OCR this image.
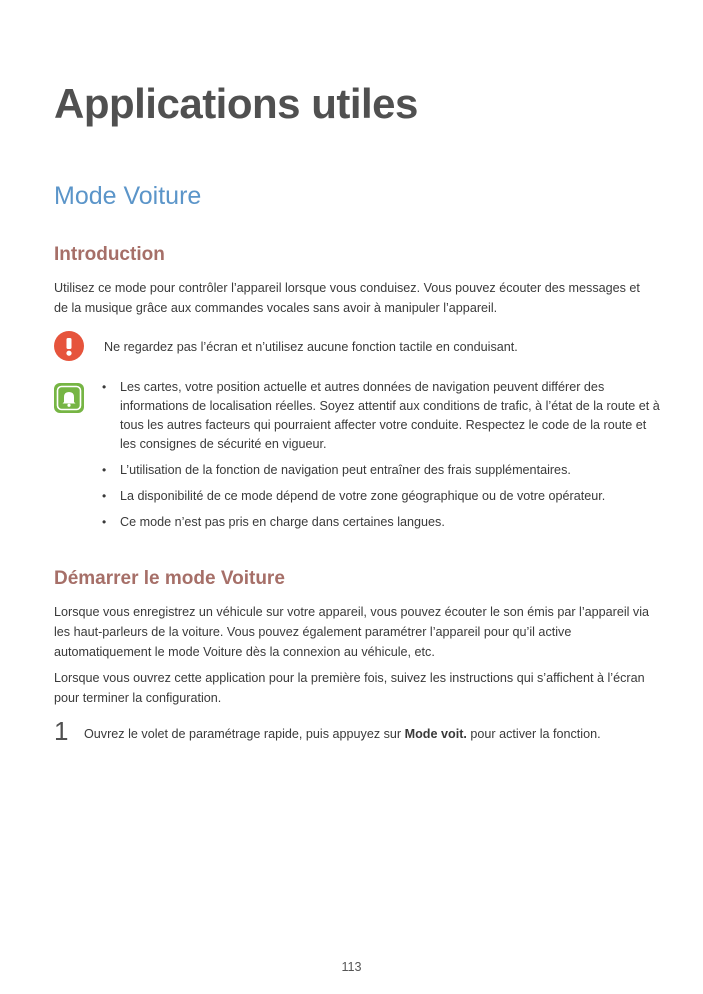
Applications utiles
Mode Voiture
Introduction

Utilisez ce mode pour contrôler l’appareil lorsque vous conduisez. Vous pouvez écouter des messages et de la musique grâce aux commandes vocales sans avoir à manipuler l’appareil.

Ne regardez pas l’écran et n’utilisez aucune fonction tactile en conduisant.
• Les cartes, votre position actuelle et autres données de navigation peuvent différer des informations de localisation réelles. Soyez attentif aux conditions de trafic, à l’état de la route et à tous les autres facteurs qui pourraient affecter votre conduite. Respectez le code de la route et les consignes de sécurité en vigueur.
• L’utilisation de la fonction de navigation peut entraîner des frais supplémentaires.
• La disponibilité de ce mode dépend de votre zone géographique ou de votre opérateur.
• Ce mode n’est pas pris en charge dans certaines langues.
Démarrer le mode Voiture

Lorsque vous enregistrez un véhicule sur votre appareil, vous pouvez écouter le son émis par l’appareil via les haut-parleurs de la voiture. Vous pouvez également paramétrer l’appareil pour qu’il active automatiquement le mode Voiture dès la connexion au véhicule, etc.

Lorsque vous ouvrez cette application pour la première fois, suivez les instructions qui s’affichent à l’écran pour terminer la configuration.

1 Ouvrez le volet de paramétrage rapide, puis appuyez sur Mode voit. pour activer la fonction.
113
